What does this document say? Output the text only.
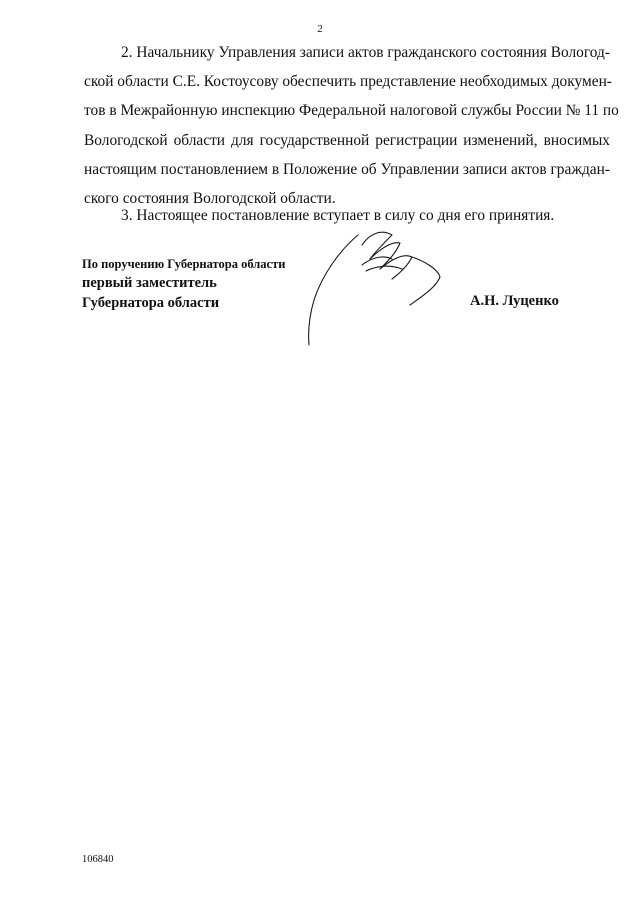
2

2. Начальнику Управления записи актов гражданского состояния Вологод-
ской области С.Е. Костоусову обеспечить представление необходимых докумен-
тов в Межрайонную инспекцию Федеральной налоговой службы России № 11 по
Вологодской области для государственной регистрации изменений, вносимых
настоящим постановлением в Положение об Управлении записи актов граждан-
ского состояния Вологодской области.

3. Настоящее постановление вступает в силу со дня его принятия.

По поручению Губернатора области
первый заместитель
Губернатора области	А.Н. Луценко
106840
